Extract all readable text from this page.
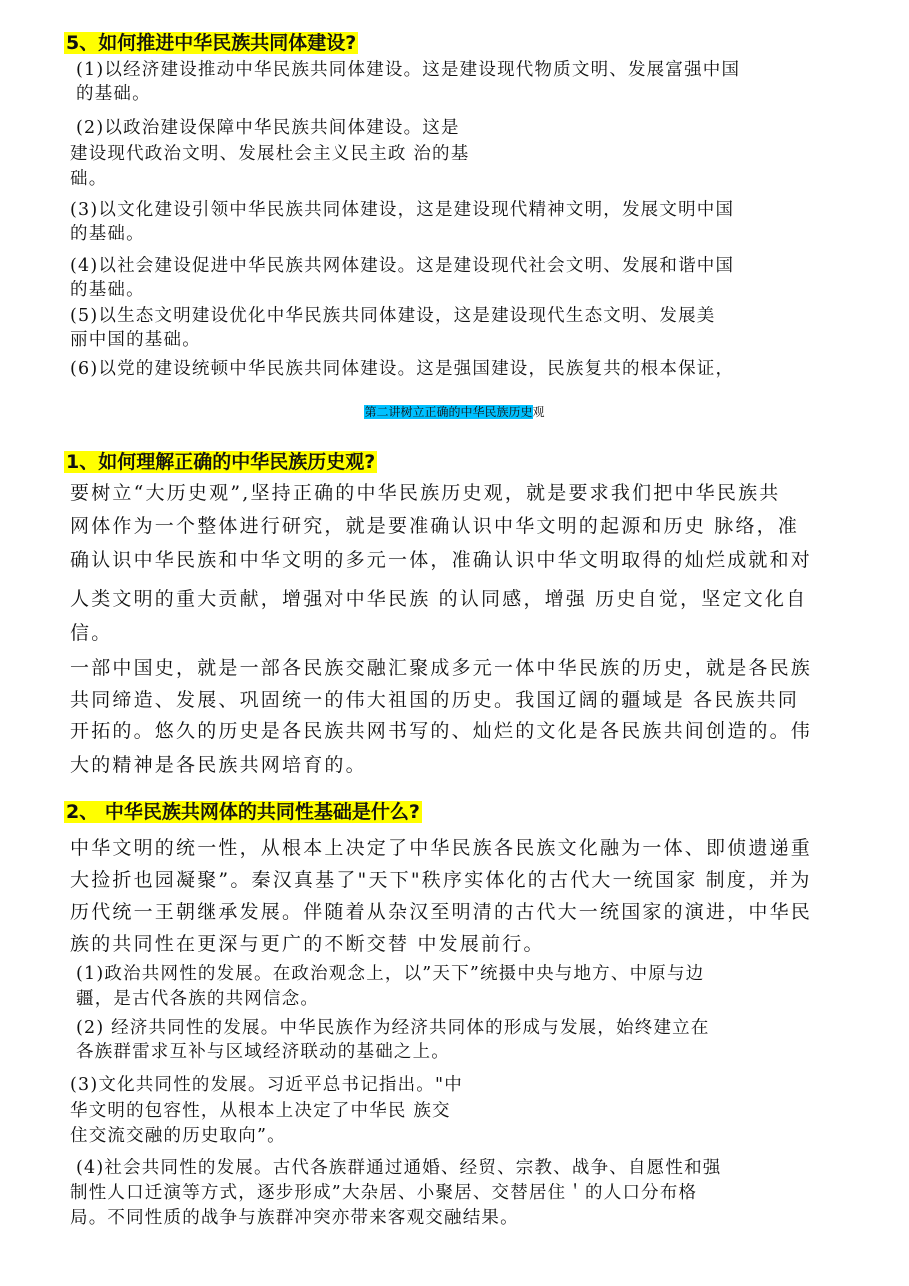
5、如何推进中华民族共同体建设?
(1)以经济建设推动中华民族共同体建设。这是建设现代物质文明、发展富强中国
的基础。
(2)以政治建设保障中华民族共间体建设。这是
建设现代政治文明、发展杜会主义民主政 治的基
础。
(3)以文化建设引领中华民族共同体建设，这是建设现代精神文明，发展文明中国
的基础。
(4)以社会建设促进中华民族共网体建设。这是建设现代社会文明、发展和谐中国
的基础。
(5)以生态文明建设优化中华民族共同体建设，这是建设现代生态文明、发展美
丽中国的基础。
(6)以党的建设统顿中华民族共同体建设。这是强国建设，民族复共的根本保证，
第二讲树立正确的中华民族历史观
1、如何理解正确的中华民族历史观?
要树立“大历史观”,坚持正确的中华民族历史观，就是要求我们把中华民族共
网体作为一个整体进行研究，就是要准确认识中华文明的起源和历史 脉络，准
确认识中华民族和中华文明的多元一体，准确认识中华文明取得的灿烂成就和对
人类文明的重大贡献，增强对中华民族 的认同感，增强 历史自觉，坚定文化自
信。
一部中国史，就是一部各民族交融汇聚成多元一体中华民族的历史，就是各民族
共同缔造、发展、巩固统一的伟大祖国的历史。我国辽阔的疆域是 各民族共同
开拓的。悠久的历史是各民族共网书写的、灿烂的文化是各民族共间创造的。伟
大的精神是各民族共网培育的。
2、 中华民族共网体的共同性基础是什么?
中华文明的统一性，从根本上决定了中华民族各民族文化融为一体、即侦遗递重
大捡折也园凝聚”。秦汉真基了"天下"秩序实体化的古代大一统国家 制度，并为
历代统一王朝继承发展。伴随着从杂汉至明清的古代大一统国家的演进，中华民
族的共同性在更深与更广的不断交替 中发展前行。
(1)政治共网性的发展。在政治观念上，以”天下”统摄中央与地方、中原与边
疆，是古代各族的共网信念。
(2) 经济共同性的发展。中华民族作为经济共同体的形成与发展，始终建立在
各族群雷求互补与区域经济联动的基础之上。
(3)文化共同性的发展。习近平总书记指出。"中
华文明的包容性，从根本上决定了中华民 族交
住交流交融的历史取向”。
(4)社会共同性的发展。古代各族群通过通婚、经贸、宗教、战争、自愿性和强
制性人口迁演等方式，逐步形成”大杂居、小聚居、交替居住＇的人口分布格
局。不同性质的战争与族群冲突亦带来客观交融结果。
